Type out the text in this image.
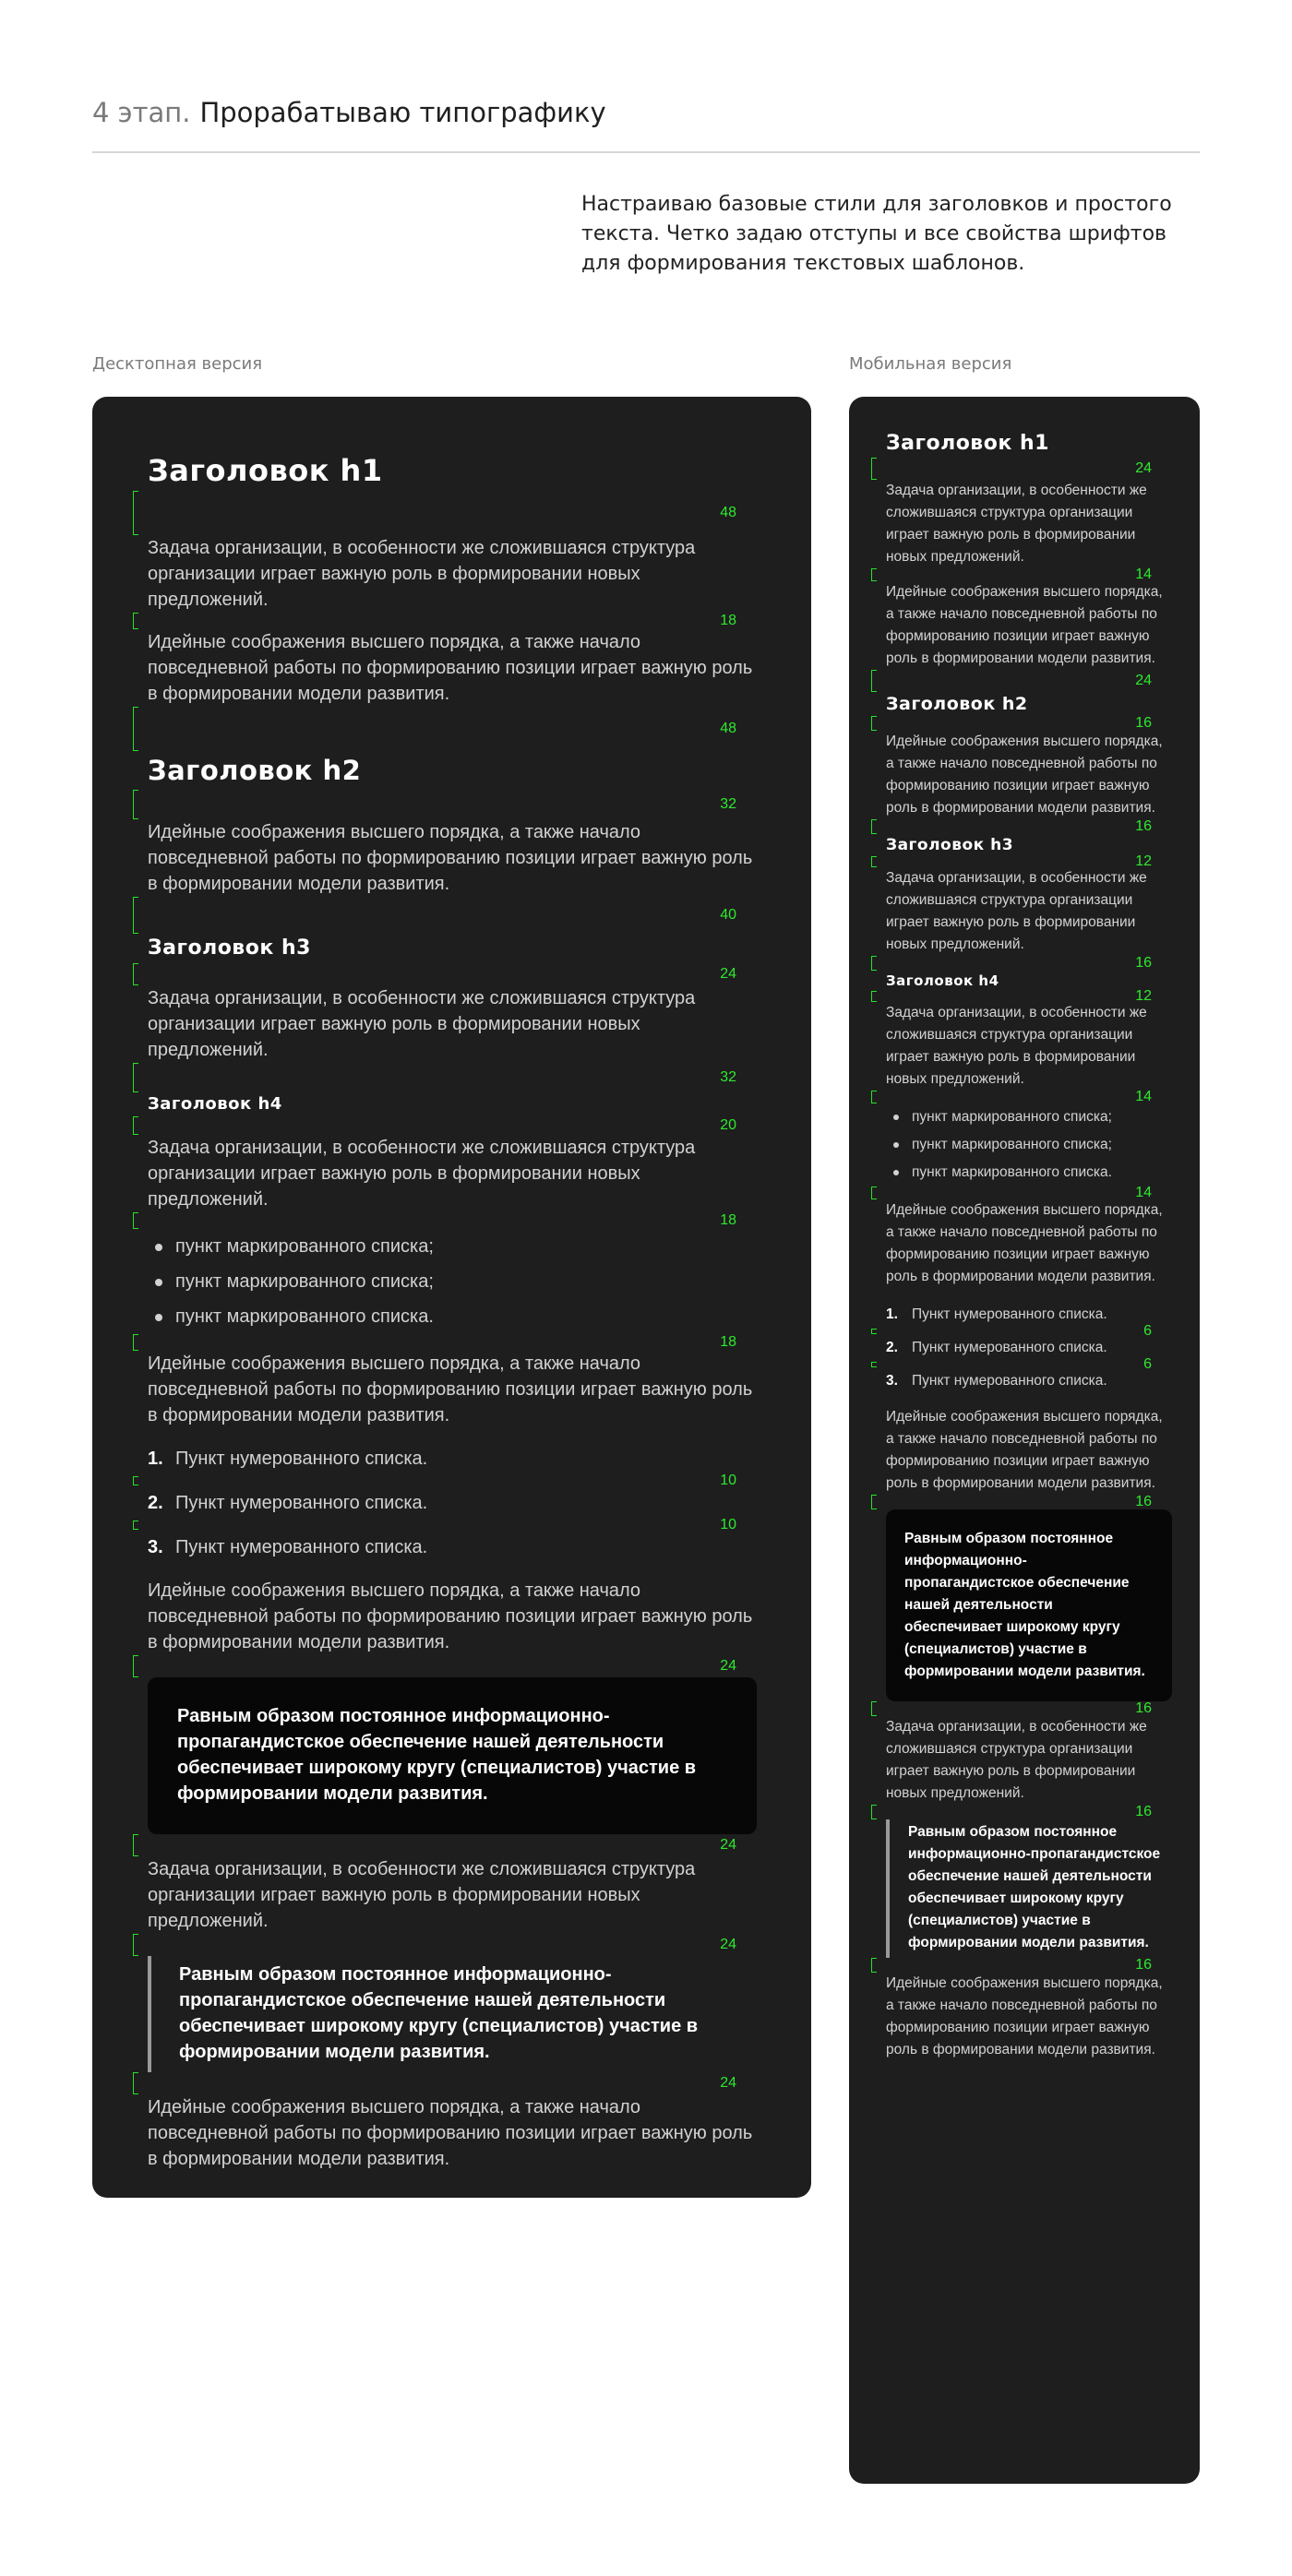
4 этап. Прорабатываю типографику
Настраиваю базовые стили для заголовков и простого текста. Четко задаю отступы и все свойства шрифтов для формирования текстовых шаблонов.
Десктопная версия	Мобильная версия
Заголовок h1
48
Задача организации, в особенности же сложившаяся структура организации играет важную роль в формировании новых предложений.
18
Идейные соображения высшего порядка, а также начало повседневной работы по формированию позиции играет важную роль в формировании модели развития.
48
Заголовок h2
32
Идейные соображения высшего порядка, а также начало повседневной работы по формированию позиции играет важную роль в формировании модели развития.
40
Заголовок h3
24
Задача организации, в особенности же сложившаяся структура организации играет важную роль в формировании новых предложений.
32
Заголовок h4
20
Задача организации, в особенности же сложившаяся структура организации играет важную роль в формировании новых предложений.
18
пункт маркированного списка;
пункт маркированного списка;
пункт маркированного списка.
18
Идейные соображения высшего порядка, а также начало повседневной работы по формированию позиции играет важную роль в формировании модели развития.
1. Пункт нумерованного списка.
10
2. Пункт нумерованного списка.
10
3. Пункт нумерованного списка.
Идейные соображения высшего порядка, а также начало повседневной работы по формированию позиции играет важную роль в формировании модели развития.
24
Равным образом постоянное информационно-пропагандистское обеспечение нашей деятельности обеспечивает широкому кругу (специалистов) участие в формировании модели развития.
24
Задача организации, в особенности же сложившаяся структура организации играет важную роль в формировании новых предложений.
24
Равным образом постоянное информационно-пропагандистское обеспечение нашей деятельности обеспечивает широкому кругу (специалистов) участие в формировании модели развития.
24
Идейные соображения высшего порядка, а также начало повседневной работы по формированию позиции играет важную роль в формировании модели развития.
Заголовок h1
24
Задача организации, в особенности же сложившаяся структура организации играет важную роль в формировании новых предложений.
14
Идейные соображения высшего порядка, а также начало повседневной работы по формированию позиции играет важную роль в формировании модели развития.
24
Заголовок h2
16
Идейные соображения высшего порядка, а также начало повседневной работы по формированию позиции играет важную роль в формировании модели развития.
16
Заголовок h3
12
Задача организации, в особенности же сложившаяся структура организации играет важную роль в формировании новых предложений.
16
Заголовок h4
12
Задача организации, в особенности же сложившаяся структура организации играет важную роль в формировании новых предложений.
14
пункт маркированного списка;
пункт маркированного списка;
пункт маркированного списка.
14
Идейные соображения высшего порядка, а также начало повседневной работы по формированию позиции играет важную роль в формировании модели развития.
1. Пункт нумерованного списка.
6
2. Пункт нумерованного списка.
6
3. Пункт нумерованного списка.
Идейные соображения высшего порядка, а также начало повседневной работы по формированию позиции играет важную роль в формировании модели развития.
16
Равным образом постоянное информационно-пропагандистское обеспечение нашей деятельности обеспечивает широкому кругу (специалистов) участие в формировании модели развития.
16
Задача организации, в особенности же сложившаяся структура организации играет важную роль в формировании новых предложений.
16
Равным образом постоянное информационно-пропагандистское обеспечение нашей деятельности обеспечивает широкому кругу (специалистов) участие в формировании модели развития.
16
Идейные соображения высшего порядка, а также начало повседневной работы по формированию позиции играет важную роль в формировании модели развития.
